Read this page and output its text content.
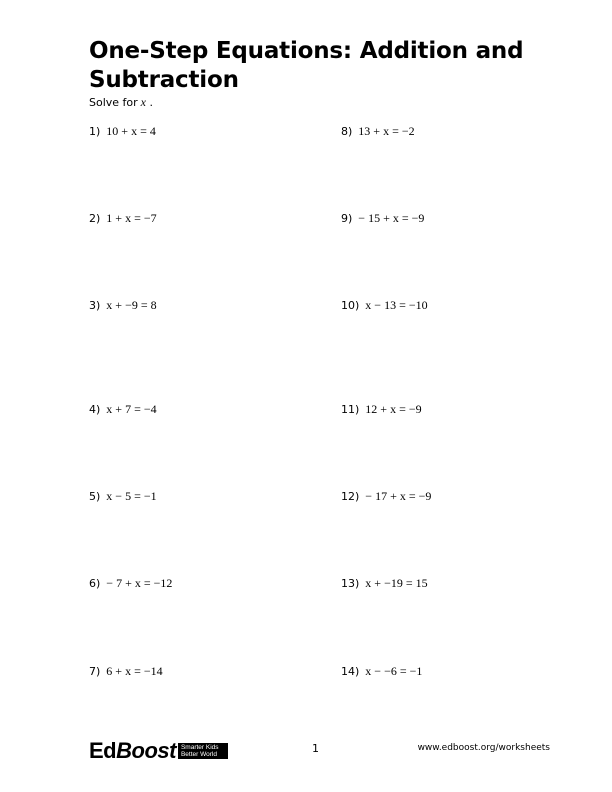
One-Step Equations: Addition and Subtraction
Solve for x .
1) 10 + x = 4
2) 1 + x = −7
3) x + −9 = 8
4) x + 7 = −4
5) x − 5 = −1
6) − 7 + x = −12
7) 6 + x = −14
8) 13 + x = −2
9) − 15 + x = −9
10) x − 13 = −10
11) 12 + x = −9
12) − 17 + x = −9
13) x + −19 = 15
14) x − −6 = −1
EdBoost Smarter Kids
Better World	1	www.edboost.org/worksheets
